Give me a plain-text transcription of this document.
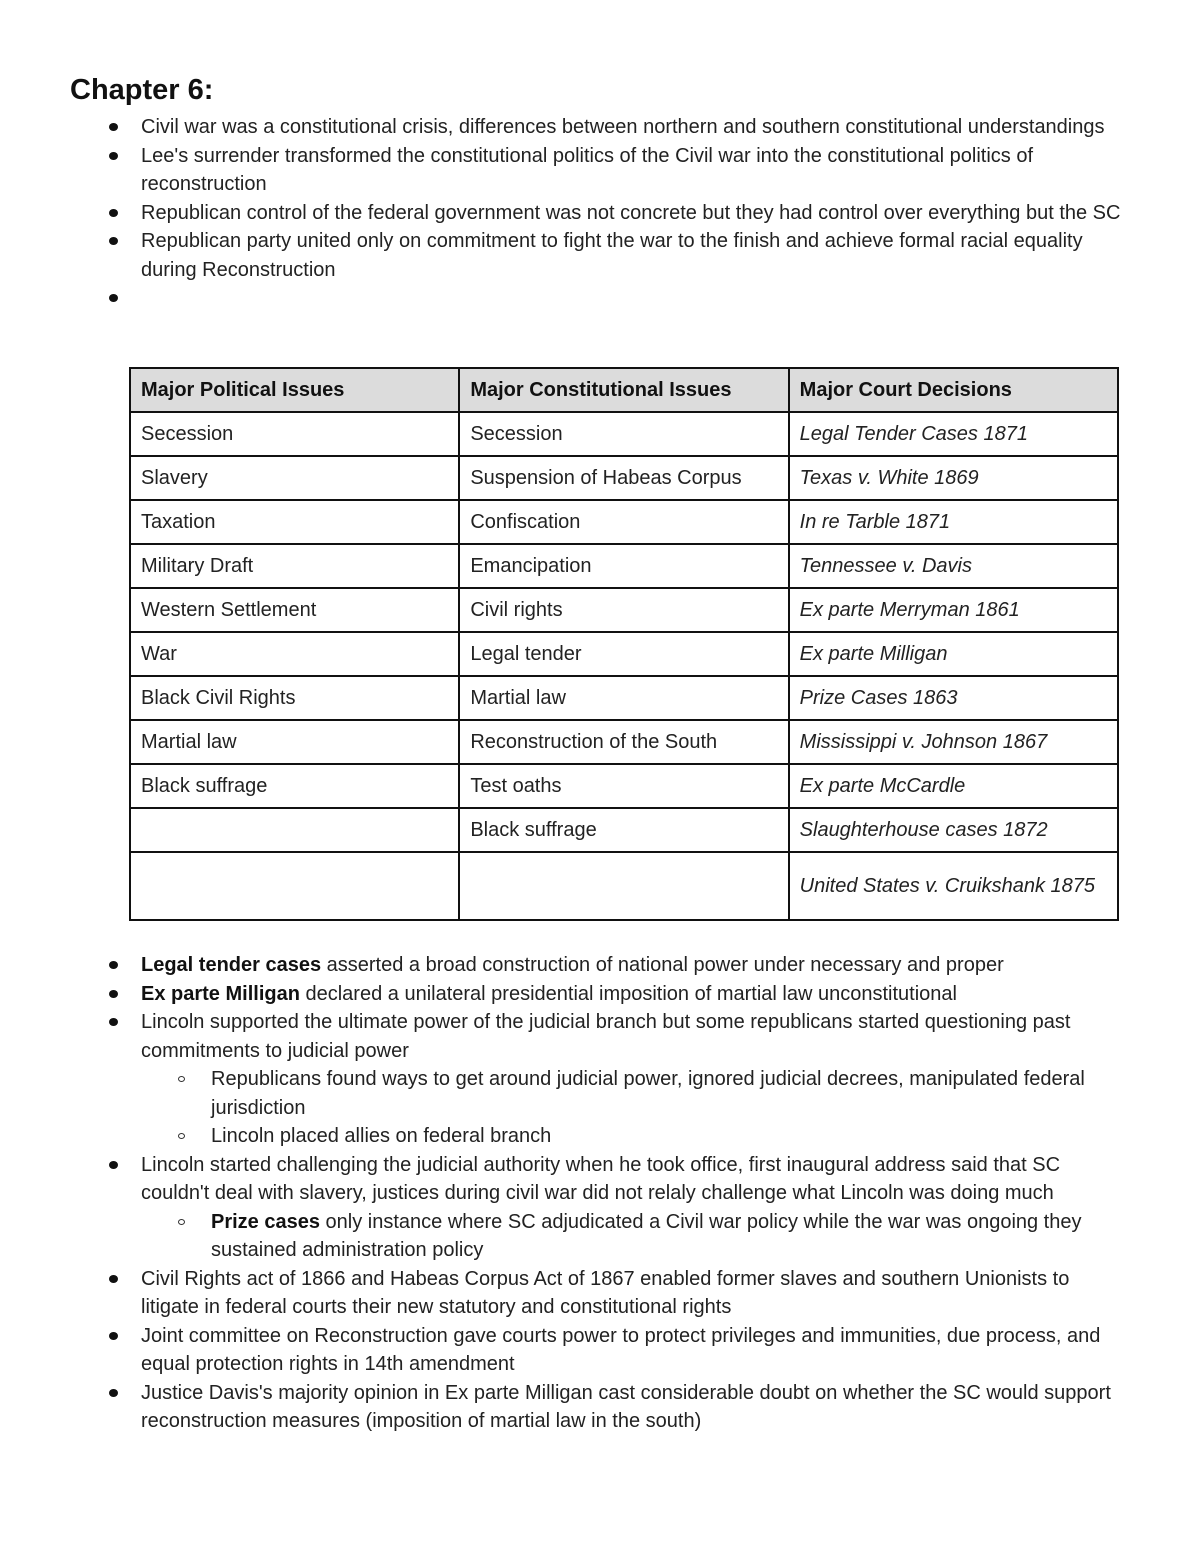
Chapter 6:
Civil war was a constitutional crisis, differences between northern and southern constitutional understandings
Lee's surrender transformed the constitutional politics of the Civil war into the constitutional politics of reconstruction
Republican control of the federal government was not concrete but they had control over everything but the SC
Republican party united only on commitment to fight the war to the finish and achieve formal racial equality during Reconstruction
Major Political Issues	Major Constitutional Issues	Major Court Decisions
Secession	Secession	Legal Tender Cases 1871
Slavery	Suspension of Habeas Corpus	Texas v. White 1869
Taxation	Confiscation	In re Tarble 1871
Military Draft	Emancipation	Tennessee v. Davis
Western Settlement	Civil rights	Ex parte Merryman 1861
War	Legal tender	Ex parte Milligan
Black Civil Rights	Martial law	Prize Cases 1863
Martial law	Reconstruction of the South	Mississippi v. Johnson 1867
Black suffrage	Test oaths	Ex parte McCardle
	Black suffrage	Slaughterhouse cases 1872
		United States v. Cruikshank 1875
Legal tender cases asserted a broad construction of national power under necessary and proper
Ex parte Milligan declared a unilateral presidential imposition of martial law unconstitutional
Lincoln supported the ultimate power of the judicial branch but some republicans started questioning past commitments to judicial power
Republicans found ways to get around judicial power, ignored judicial decrees, manipulated federal jurisdiction
Lincoln placed allies on federal branch
Lincoln started challenging the judicial authority when he took office, first inaugural address said that SC couldn't deal with slavery, justices during civil war did not relaly challenge what Lincoln was doing much
Prize cases only instance where SC adjudicated a Civil war policy while the war was ongoing they sustained administration policy
Civil Rights act of 1866 and Habeas Corpus Act of 1867 enabled former slaves and southern Unionists to litigate in federal courts their new statutory and constitutional rights
Joint committee on Reconstruction gave courts power to protect privileges and immunities, due process, and equal protection rights in 14th amendment
Justice Davis's majority opinion in Ex parte Milligan cast considerable doubt on whether the SC would support reconstruction measures (imposition of martial law in the south)
